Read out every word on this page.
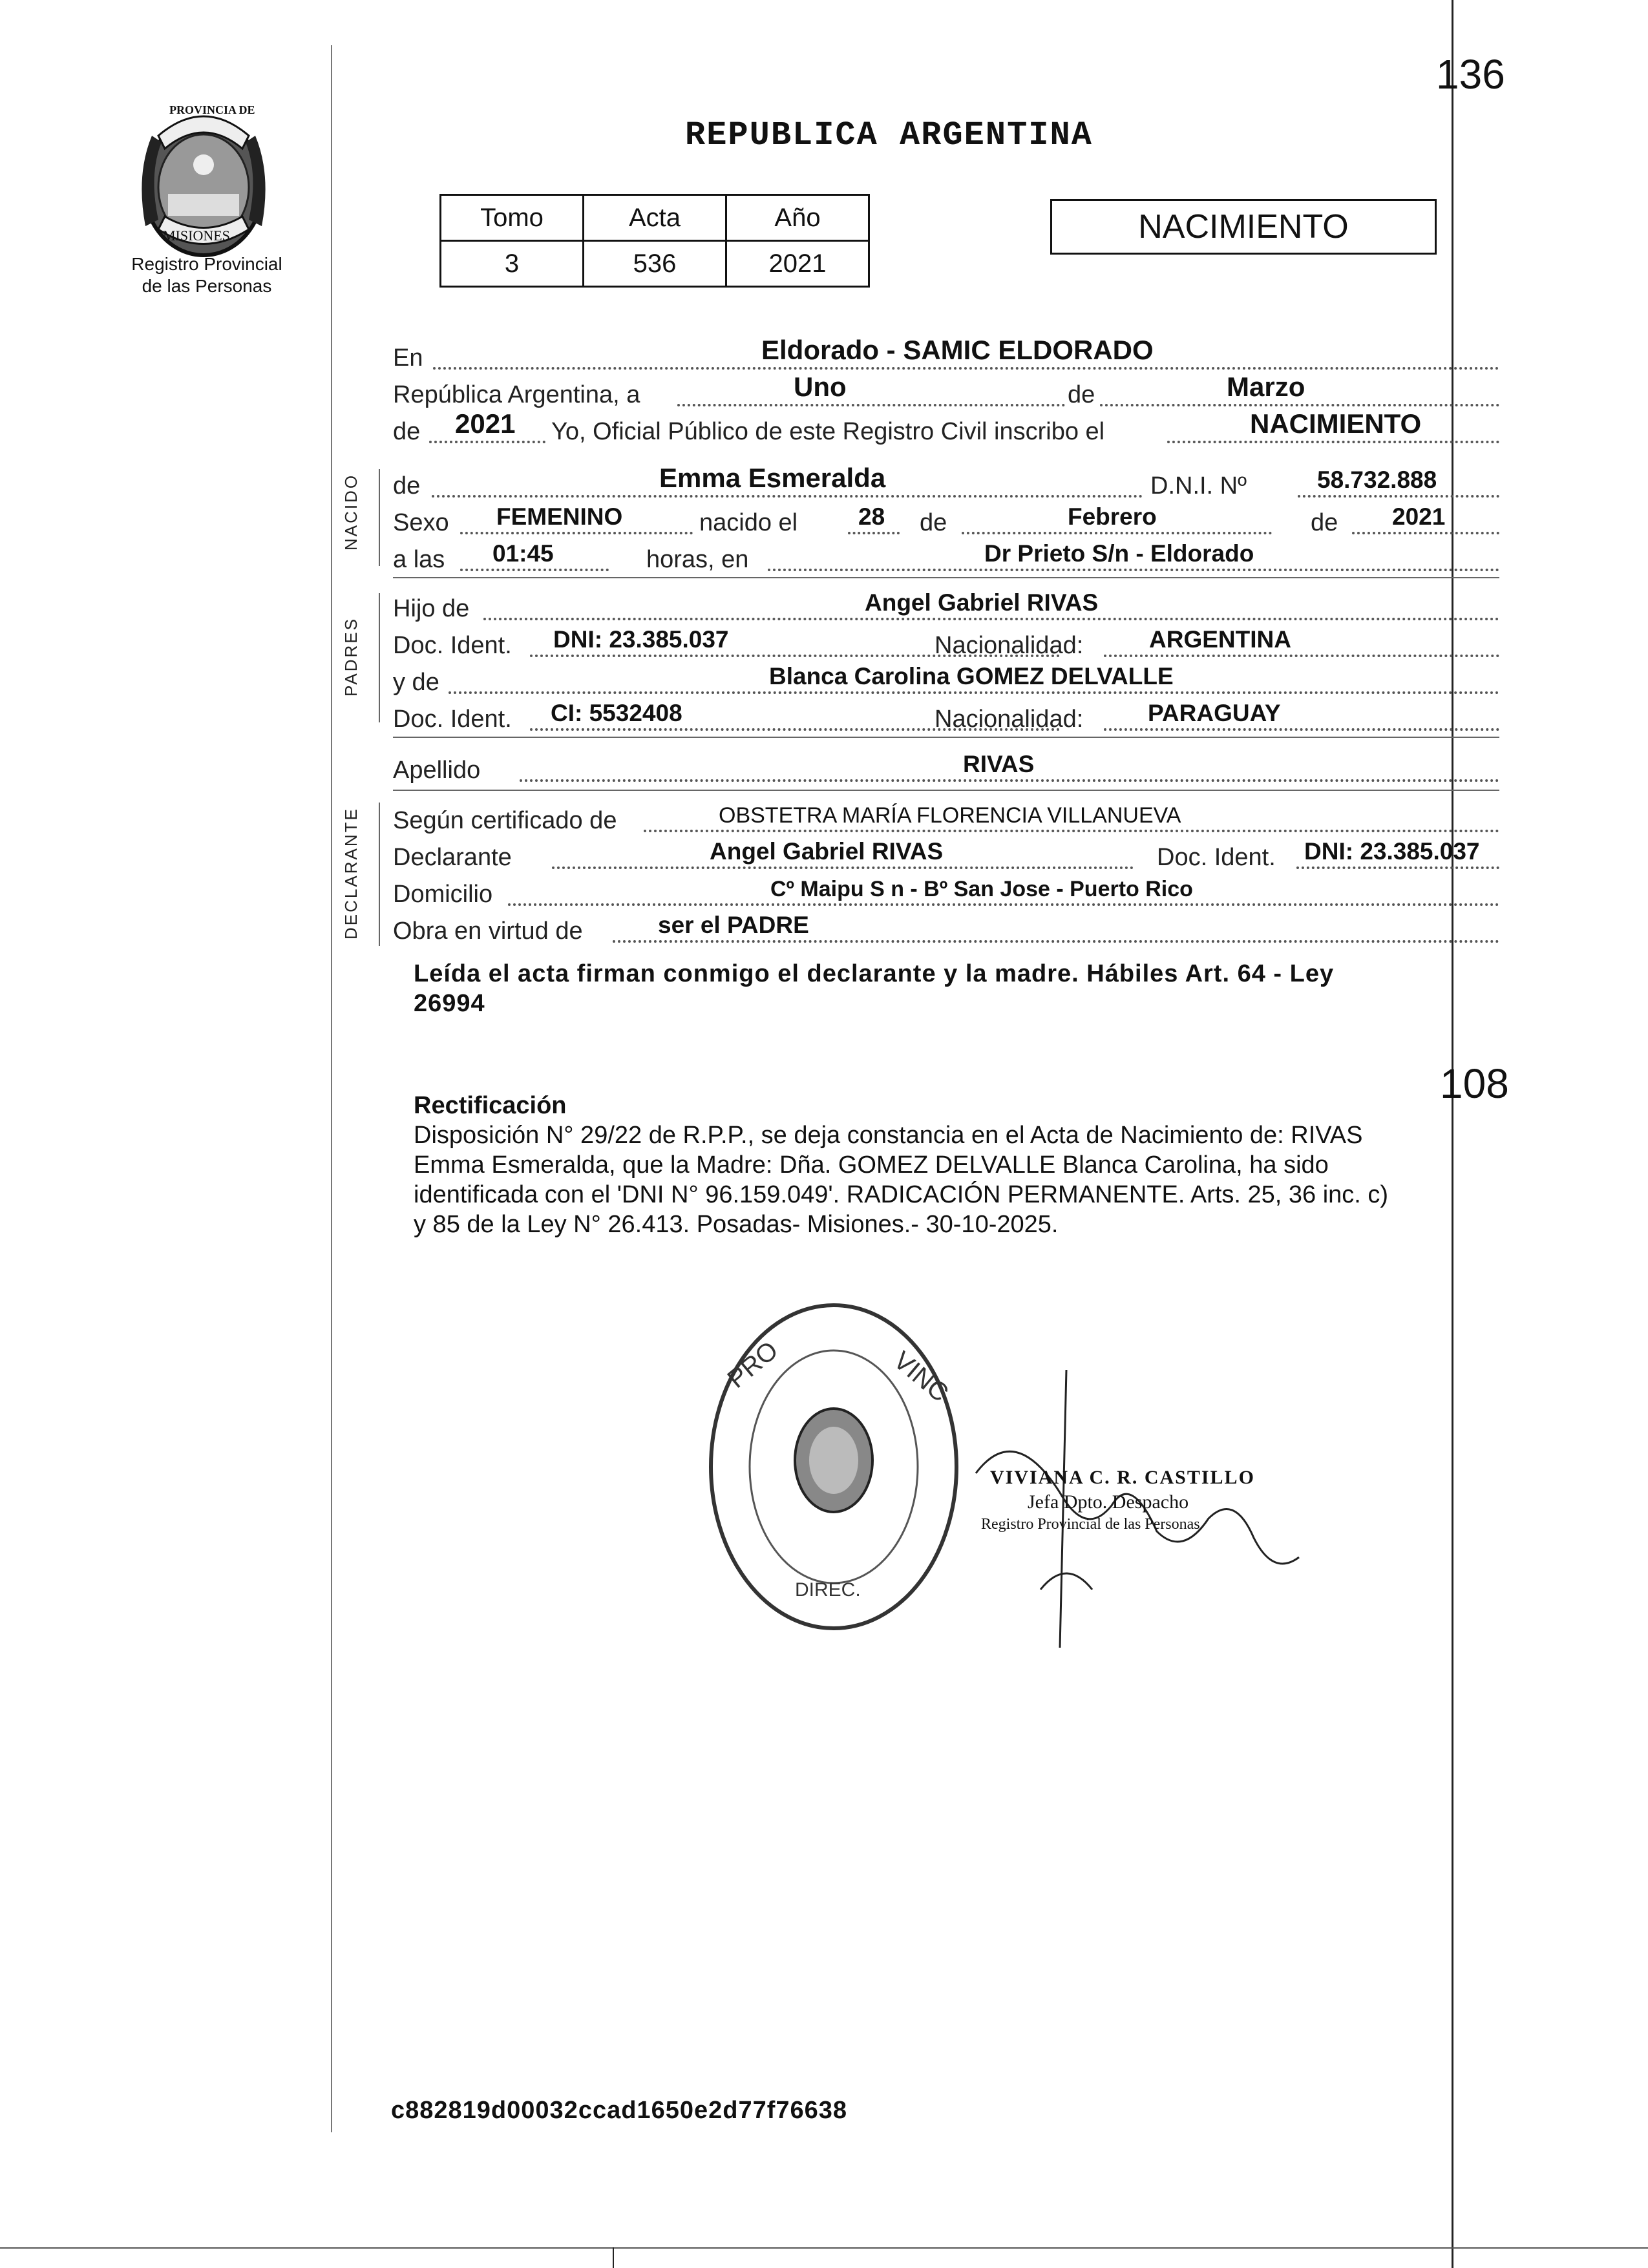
136
108
PROVINCIA DE
MISIONES
Registro Provincial
de las Personas
REPUBLICA ARGENTINA
Tomo	Acta	Año
3	536	2021
NACIMIENTO
En	Eldorado - SAMIC ELDORADO
República Argentina, a	Uno	de	Marzo
de 2021 Yo, Oficial Público de este Registro Civil inscribo el	NACIMIENTO
NACIDO de	Emma Esmeralda	D.N.I. Nº	58.732.888
Sexo FEMENINO	nacido el	28 de	Febrero	de 2021
a las 01:45	horas, en	Dr Prieto S/n - Eldorado
PADRES
Hijo de	Angel Gabriel RIVAS
Doc. Ident. DNI: 23.385.037	Nacionalidad:	ARGENTINA
y de	Blanca Carolina GOMEZ DELVALLE
Doc. Ident. CI: 5532408	Nacionalidad:	PARAGUAY
Apellido	RIVAS
DECLARANTE Según certificado de	OBSTETRA MARÍA FLORENCIA VILLANUEVA
Declarante	Angel Gabriel RIVAS	Doc. Ident. DNI: 23.385.037
Domicilio	Cº Maipu S n - Bº San Jose - Puerto Rico
Obra en virtud de	ser el PADRE
Leída el acta firman conmigo el declarante y la madre. Hábiles Art. 64 - Ley
26994
Rectificación
Disposición N° 29/22 de R.P.P., se deja constancia en el Acta de Nacimiento de: RIVAS
Emma Esmeralda, que la Madre: Dña. GOMEZ DELVALLE Blanca Carolina, ha sido
identificada con el 'DNI N° 96.159.049'. RADICACIÓN PERMANENTE. Arts. 25, 36 inc. c)
y 85 de la Ley N° 26.413. Posadas- Misiones.- 30-10-2025.
PRO	VINC
DIREC.
VIVIANA C. R. CASTILLO
Jefa Dpto. Despacho
Registro Provincial de las Personas
c882819d00032ccad1650e2d77f76638
